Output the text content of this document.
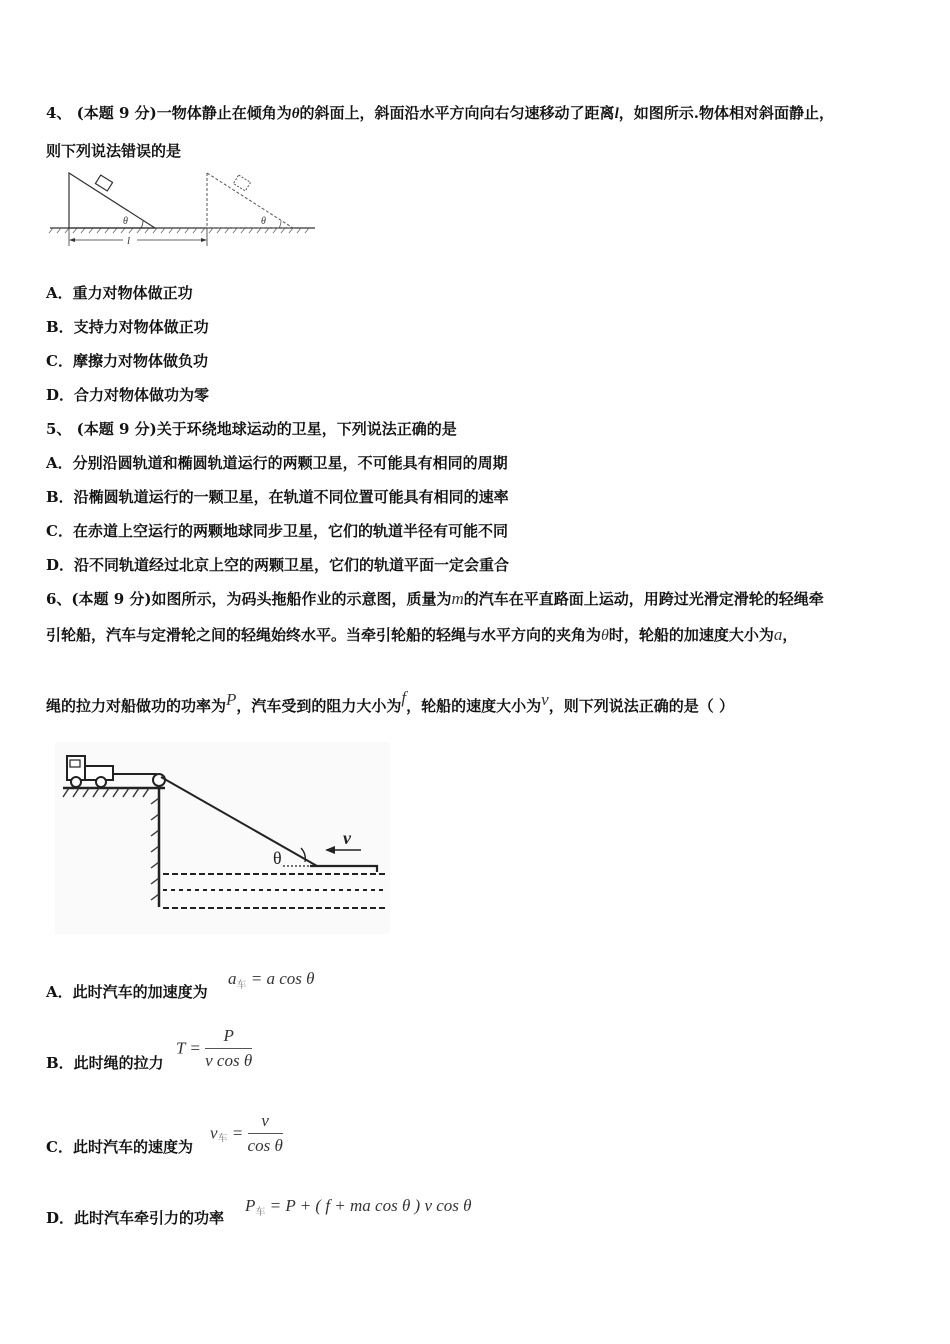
4、 (本题 9 分)一物体静止在倾角为θ的斜面上，斜面沿水平方向向右匀速移动了距离l，如图所示.物体相对斜面静止，
则下列说法错误的是
θ	θ
l
A．重力对物体做正功
B．支持力对物体做正功
C．摩擦力对物体做负功
D．合力对物体做功为零
5、 (本题 9 分)关于环绕地球运动的卫星，下列说法正确的是
A．分别沿圆轨道和椭圆轨道运行的两颗卫星，不可能具有相同的周期
B．沿椭圆轨道运行的一颗卫星，在轨道不同位置可能具有相同的速率
C．在赤道上空运行的两颗地球同步卫星，它们的轨道半径有可能不同
D．沿不同轨道经过北京上空的两颗卫星，它们的轨道平面一定会重合
6、(本题 9 分)如图所示，为码头拖船作业的示意图，质量为m的汽车在平直路面上运动，用跨过光滑定滑轮的轻绳牵
引轮船，汽车与定滑轮之间的轻绳始终水平。当牵引轮船的轻绳与水平方向的夹角为θ时，轮船的加速度大小为a，
绳的拉力对船做功的功率为P，汽车受到的阻力大小为f，轮船的速度大小为v，则下列说法正确的是（ ）
θ
v
A．此时汽车的加速度为
$a_车 = a$ cos θ
B．此时绳的拉力
$T = \frac{P}{\text{v cos θ}}$
C．此时汽车的速度为
$v_车 = \frac{v}{\text{cos θ}}$
D．此时汽车牵引力的功率
$P_车 = P$ + ( f + ma cos θ ) v cos θ
